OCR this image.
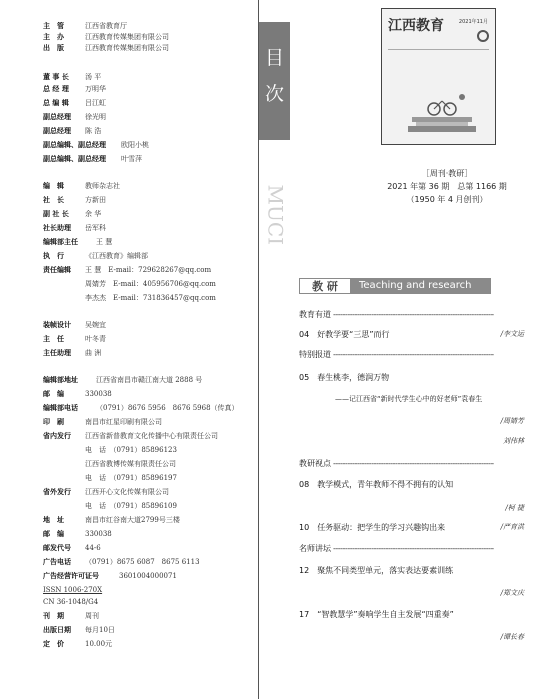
主　管	江西省教育厅
主　办	江西教育传媒集团有限公司
出　版	江西教育传媒集团有限公司
董 事 长 汤 平
总 经 理 万明华
总 编 辑 吕江虹
副总经理 徐光明
副总经理 陈 浩
副总编辑、副总经理 欧阳小桃
副总编辑、副总经理 叶雪萍
编　辑	教师杂志社
社　长	方新田
副 社 长 余 华
社长助理 岳军科
编辑部主任	王 慧
执　行	《江西教育》编辑部
责任编辑 王 慧　E-mail：729628267@qq.com
周婧芳　E-mail：405956706@qq.com
李杰杰　E-mail：731836457@qq.com
装帧设计 吴婉宜
主　任	叶冬青
主任助理 曲 洲
编辑部地址	江西省南昌市赣江南大道 2888 号
邮　编	330038
编辑部电话	（0791）8676 5956　8676 5968（传真）
印　刷	南昌市红星印刷有限公司
省内发行 江西省新普教育文化传播中心有限责任公司
电　话　（0791）85896123
江西省教博传媒有限责任公司
电　话　（0791）85896197
省外发行 江西开心文化传媒有限公司
电　话　（0791）85896109
地　址	南昌市红谷南大道2799号三楼
邮　编	330038
邮发代号 44-6
广告电话 （0791）8675 6087　8675 6113
广告经营许可证号	3601004000071
ISSN 1006-270X
CN 36-1048/G4
刊　期	周刊
出版日期 每月10日
定　价	10.00元
目
次
MUCI
江西教育	2021年11月
［周刊·教研］
2021 年第 36 期　总第 1166 期
（1950 年 4 月创刊）
教 研	Teaching and research
教育有道 -----
04　 好教学要“三思”而行	/李文运
特别报道 -----
05　 春生桃李，德润万物
——记江西省“新时代学生心中的好老师”袁春生
/周婧芳
刘伟林
教研视点 -----
08　 教学模式，青年教师不得不拥有的认知
/柯 捷
10　 任务驱动：把学生的学习兴趣钩出来	/严育洪
名师讲坛 -----
12　 聚焦不同类型单元，落实表达要素训练
/郑文庆
17　 “智教慧学”奏响学生自主发展“四重奏”
/谭长春
